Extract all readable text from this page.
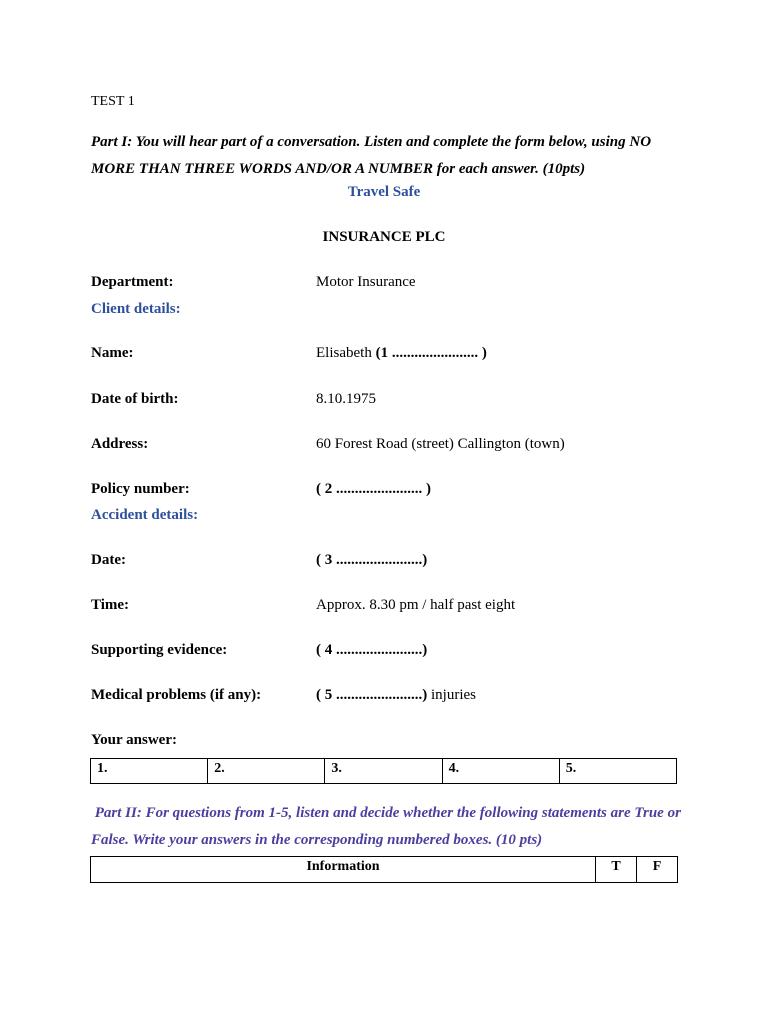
TEST 1
Part I: You will hear part of a conversation. Listen and complete the form below, using NO MORE THAN THREE WORDS AND/OR A NUMBER for each answer. (10pts)
Travel Safe
INSURANCE PLC
Department:	Motor Insurance
Client details:
Name:	Elisabeth (1 ....................... )
Date of birth:	8.10.1975
Address:	60 Forest Road (street) Callington (town)
Policy number:	( 2 ....................... )
Accident details:
Date:	( 3 .......................)
Time:	Approx. 8.30 pm / half past eight
Supporting evidence:	( 4 .......................)
Medical problems (if any):	( 5 .......................) injuries
Your answer:
1.	2.	3.	4.	5.
Part II: For questions from 1-5, listen and decide whether the following statements are True or False. Write your answers in the corresponding numbered boxes. (10 pts)
Information	T	F
